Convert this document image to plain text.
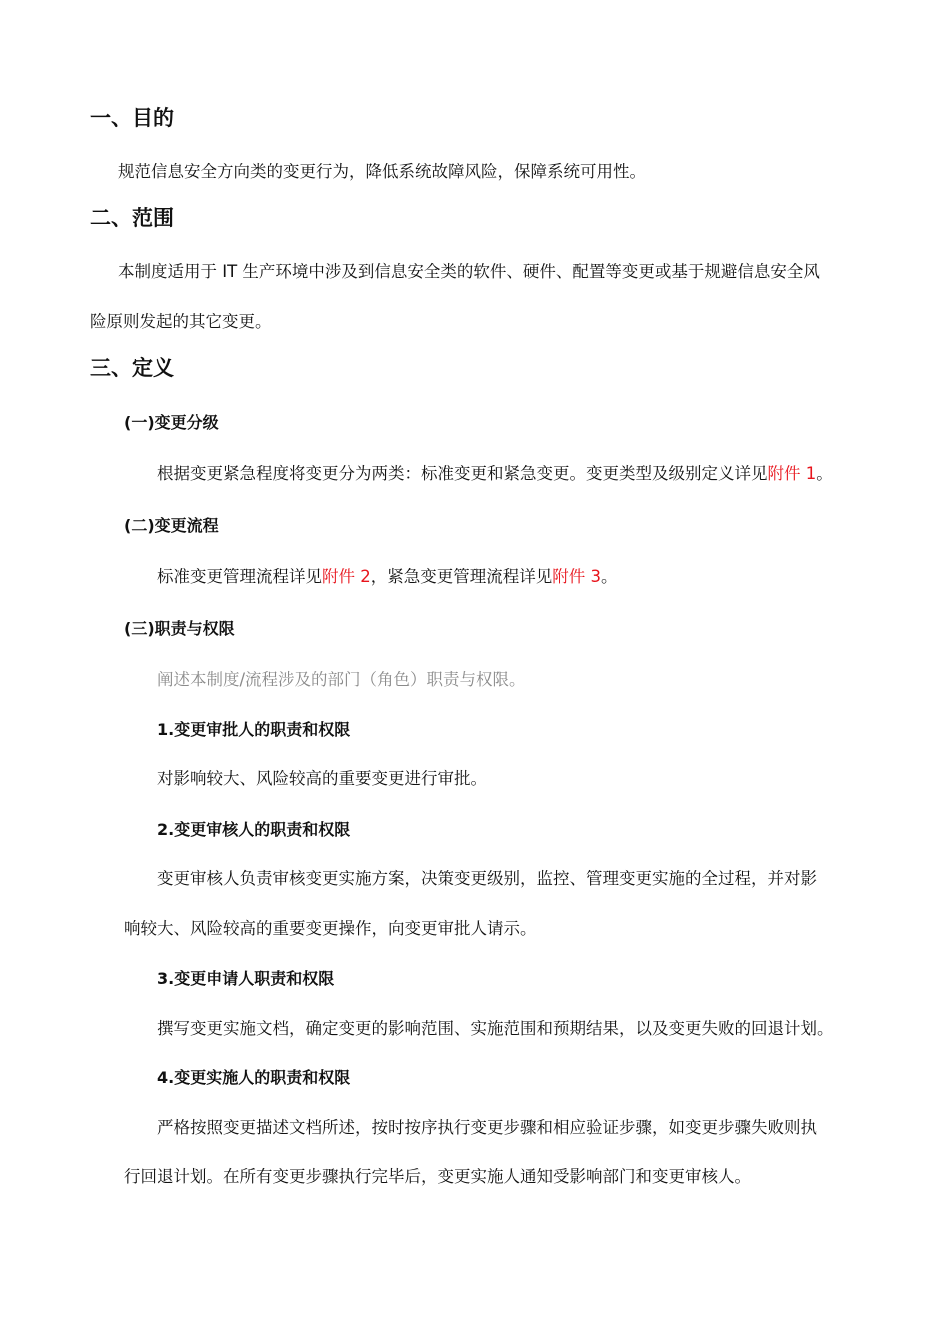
一、目的
规范信息安全方向类的变更行为，降低系统故障风险，保障系统可用性。
二、范围
本制度适用于 IT 生产环境中涉及到信息安全类的软件、硬件、配置等变更或基于规避信息安全风
险原则发起的其它变更。
三、定义
(一)变更分级
根据变更紧急程度将变更分为两类：标准变更和紧急变更。变更类型及级别定义详见附件 1。
(二)变更流程
标准变更管理流程详见附件 2，紧急变更管理流程详见附件 3。
(三)职责与权限
阐述本制度/流程涉及的部门（角色）职责与权限。
1.变更审批人的职责和权限
对影响较大、风险较高的重要变更进行审批。
2.变更审核人的职责和权限
变更审核人负责审核变更实施方案，决策变更级别，监控、管理变更实施的全过程，并对影
响较大、风险较高的重要变更操作，向变更审批人请示。
3.变更申请人职责和权限
撰写变更实施文档，确定变更的影响范围、实施范围和预期结果，以及变更失败的回退计划。
4.变更实施人的职责和权限
严格按照变更描述文档所述，按时按序执行变更步骤和相应验证步骤，如变更步骤失败则执
行回退计划。在所有变更步骤执行完毕后，变更实施人通知受影响部门和变更审核人。
